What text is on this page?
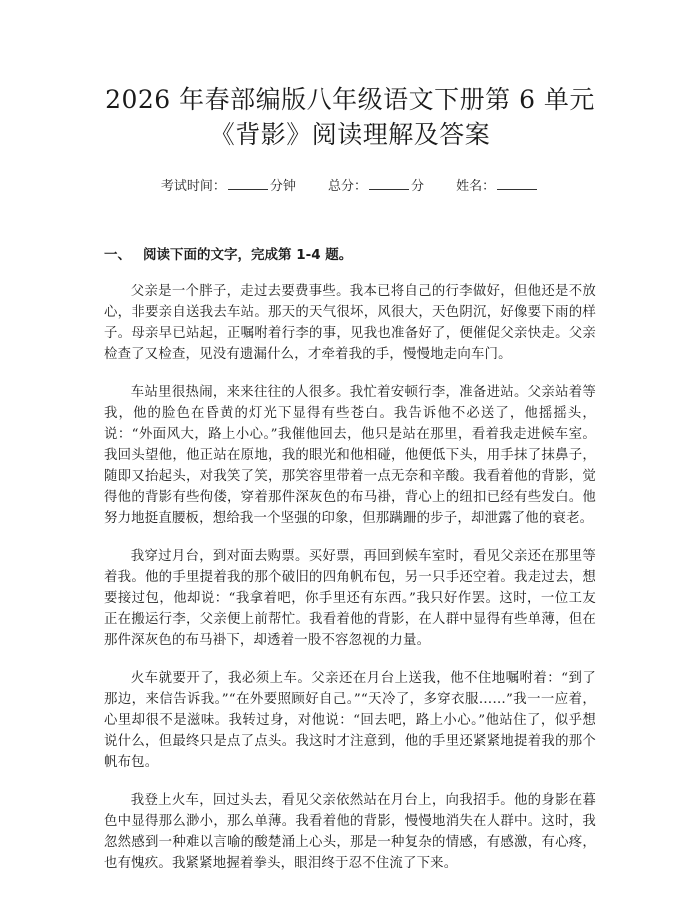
2026 年春部编版八年级语文下册第 6 单元
《背影》阅读理解及答案
考试时间：	分钟 总分：	分 姓名：
一、 阅读下面的文字，完成第 1-4 题。

父亲是一个胖子，走过去要费事些。我本已将自己的行李做好，但他还是不放心，非要亲自送我去车站。那天的天气很坏，风很大，天色阴沉，好像要下雨的样子。母亲早已站起，正嘱咐着行李的事，见我也准备好了，便催促父亲快走。父亲检查了又检查，见没有遗漏什么，才牵着我的手，慢慢地走向车门。

车站里很热闹，来来往往的人很多。我忙着安顿行李，准备进站。父亲站着等我，他的脸色在昏黄的灯光下显得有些苍白。我告诉他不必送了，他摇摇头，说：“外面风大，路上小心。”我催他回去，他只是站在那里，看着我走进候车室。我回头望他，他正站在原地，我的眼光和他相碰，他便低下头，用手抹了抹鼻子，随即又抬起头，对我笑了笑，那笑容里带着一点无奈和辛酸。我看着他的背影，觉得他的背影有些佝偻，穿着那件深灰色的布马褂，背心上的纽扣已经有些发白。他努力地挺直腰板，想给我一个坚强的印象，但那蹒跚的步子，却泄露了他的衰老。

我穿过月台，到对面去购票。买好票，再回到候车室时，看见父亲还在那里等着我。他的手里提着我的那个破旧的四角帆布包，另一只手还空着。我走过去，想要接过包，他却说：“我拿着吧，你手里还有东西。”我只好作罢。这时，一位工友正在搬运行李，父亲便上前帮忙。我看着他的背影，在人群中显得有些单薄，但在那件深灰色的布马褂下，却透着一股不容忽视的力量。

火车就要开了，我必须上车。父亲还在月台上送我，他不住地嘱咐着：“到了那边，来信告诉我。”“在外要照顾好自己。”“天冷了，多穿衣服……”我一一应着，心里却很不是滋味。我转过身，对他说：“回去吧，路上小心。”他站住了，似乎想说什么，但最终只是点了点头。我这时才注意到，他的手里还紧紧地提着我的那个帆布包。

我登上火车，回过头去，看见父亲依然站在月台上，向我招手。他的身影在暮色中显得那么渺小，那么单薄。我看着他的背影，慢慢地消失在人群中。这时，我忽然感到一种难以言喻的酸楚涌上心头，那是一种复杂的情感，有感激，有心疼，也有愧疚。我紧紧地握着拳头，眼泪终于忍不住流了下来。
